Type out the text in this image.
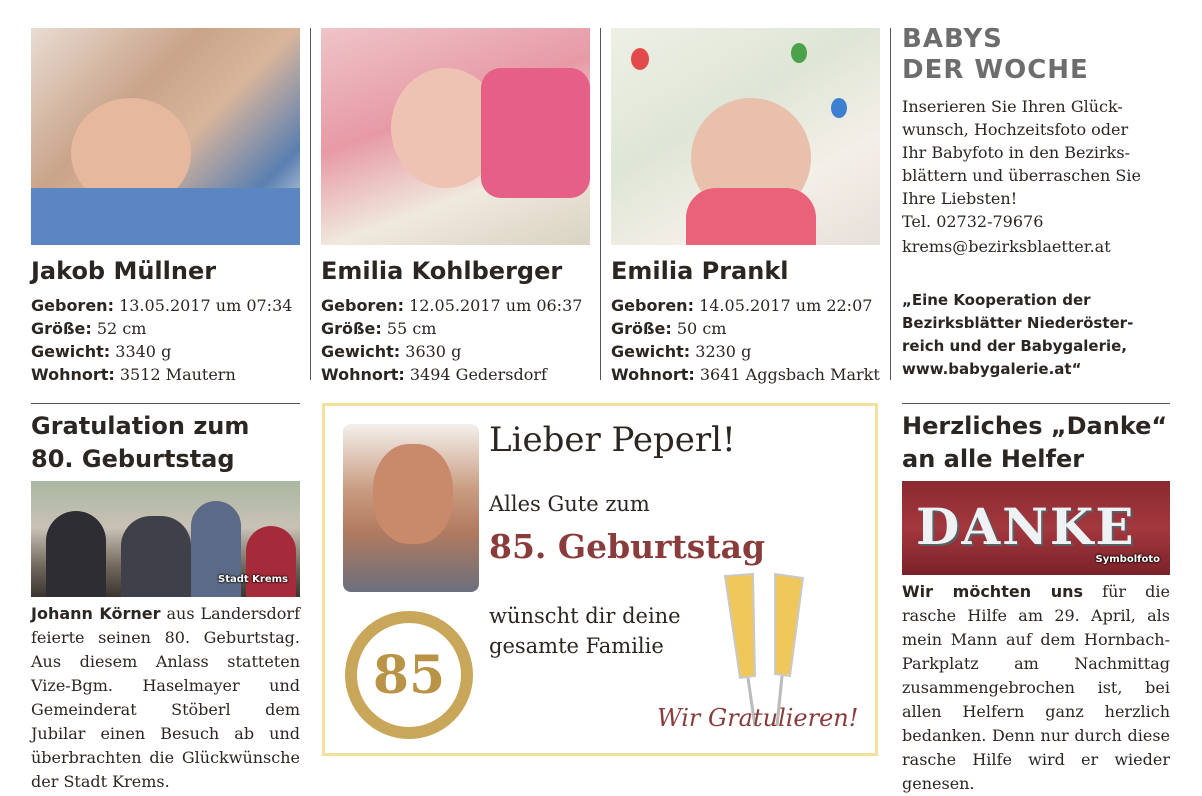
Jakob Müllner
Geboren: 13.05.2017 um 07:34
Größe: 52 cm
Gewicht: 3340 g
Wohnort: 3512 Mautern
Emilia Kohlberger
Geboren: 12.05.2017 um 06:37
Größe: 55 cm
Gewicht: 3630 g
Wohnort: 3494 Gedersdorf
Emilia Prankl
Geboren: 14.05.2017 um 22:07
Größe: 50 cm
Gewicht: 3230 g
Wohnort: 3641 Aggsbach Markt
BABYS
DER WOCHE
Inserieren Sie Ihren Glück-
wunsch, Hochzeitsfoto oder
Ihr Babyfoto in den Bezirks-
blättern und überraschen Sie
Ihre Liebsten!
Tel. 02732-79676
krems@bezirksblaetter.at
„Eine Kooperation der
Bezirksblätter Niederöster-
reich und der Babygalerie,
www.babygalerie.at“
Gratulation zum
80. Geburtstag
Stadt Krems
Johann Körner aus Landersdorf feierte seinen 80. Geburtstag. Aus diesem Anlass statteten Vize-Bgm. Haselmayer und Gemeinderat Stöberl dem Jubilar einen Besuch ab und überbrachten die Glückwünsche der Stadt Krems.
Lieber Peperl!
Alles Gute zum
85. Geburtstag
wünscht dir deine
gesamte Familie
85
Wir Gratulieren!
Herzliches „Danke“
an alle Helfer
DANKE
Symbolfoto
Wir möchten uns für die rasche Hilfe am 29. April, als mein Mann auf dem Hornbach-Parkplatz am Nachmittag zusammengebrochen ist, bei allen Helfern ganz herzlich bedanken. Denn nur durch diese rasche Hilfe wird er wieder genesen.
